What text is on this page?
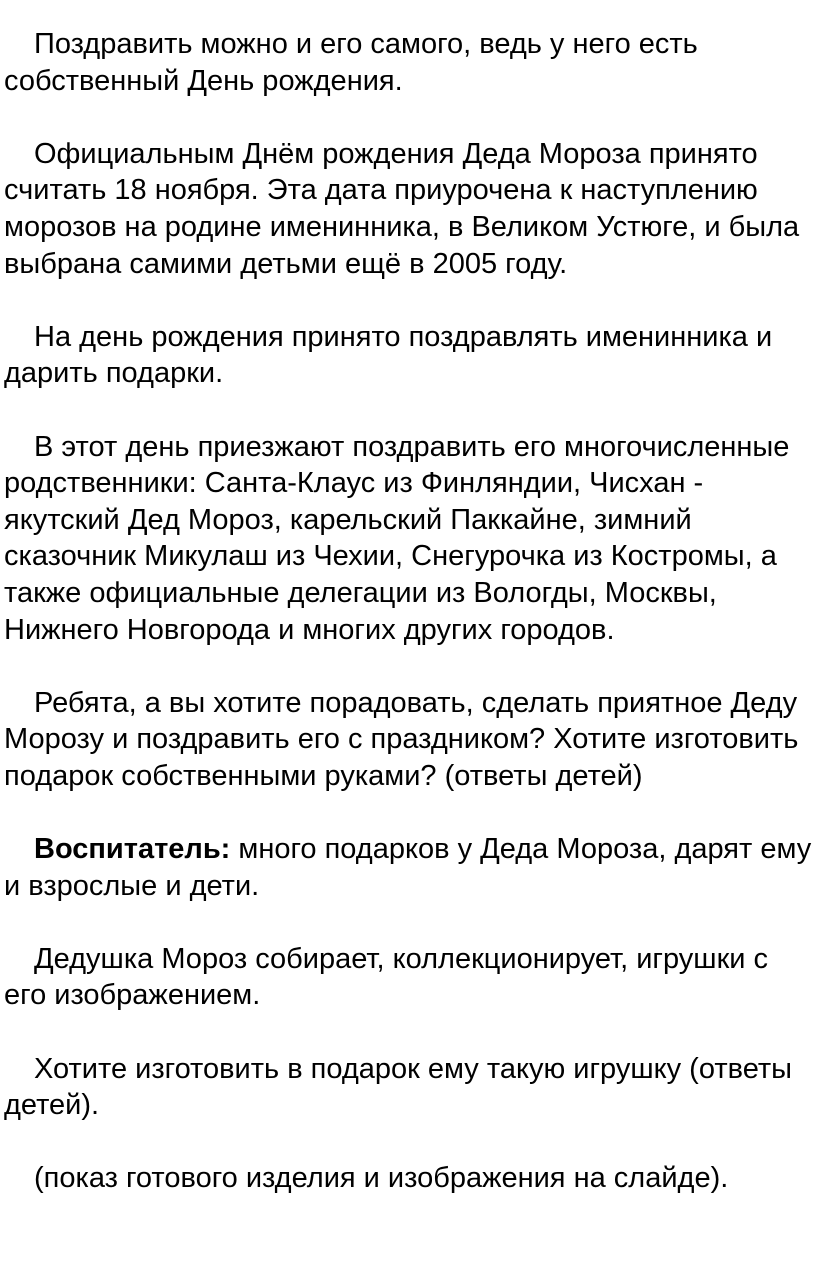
Поздравить можно и его самого, ведь у него есть собственный День рождения.

Официальным Днём рождения Деда Мороза принято считать 18 ноября. Эта дата приурочена к наступлению морозов на родине именинника, в Великом Устюге, и была выбрана самими детьми ещё в 2005 году.

На день рождения принято поздравлять именинника и дарить подарки.

В этот день приезжают поздравить его многочисленные родственники: Санта-Клаус из Финляндии, Чисхан - якутский Дед Мороз, карельский Паккайне, зимний сказочник Микулаш из Чехии, Снегурочка из Костромы, а также официальные делегации из Вологды, Москвы, Нижнего Новгорода и многих других городов.

Ребята, а вы хотите порадовать, сделать приятное Деду Морозу и поздравить его с праздником? Хотите изготовить подарок собственными руками? (ответы детей)

Воспитатель: много подарков у Деда Мороза, дарят ему и взрослые и дети.

Дедушка Мороз собирает, коллекционирует, игрушки с его изображением.

Хотите изготовить в подарок ему такую игрушку (ответы детей).

(показ готового изделия и изображения на слайде).
